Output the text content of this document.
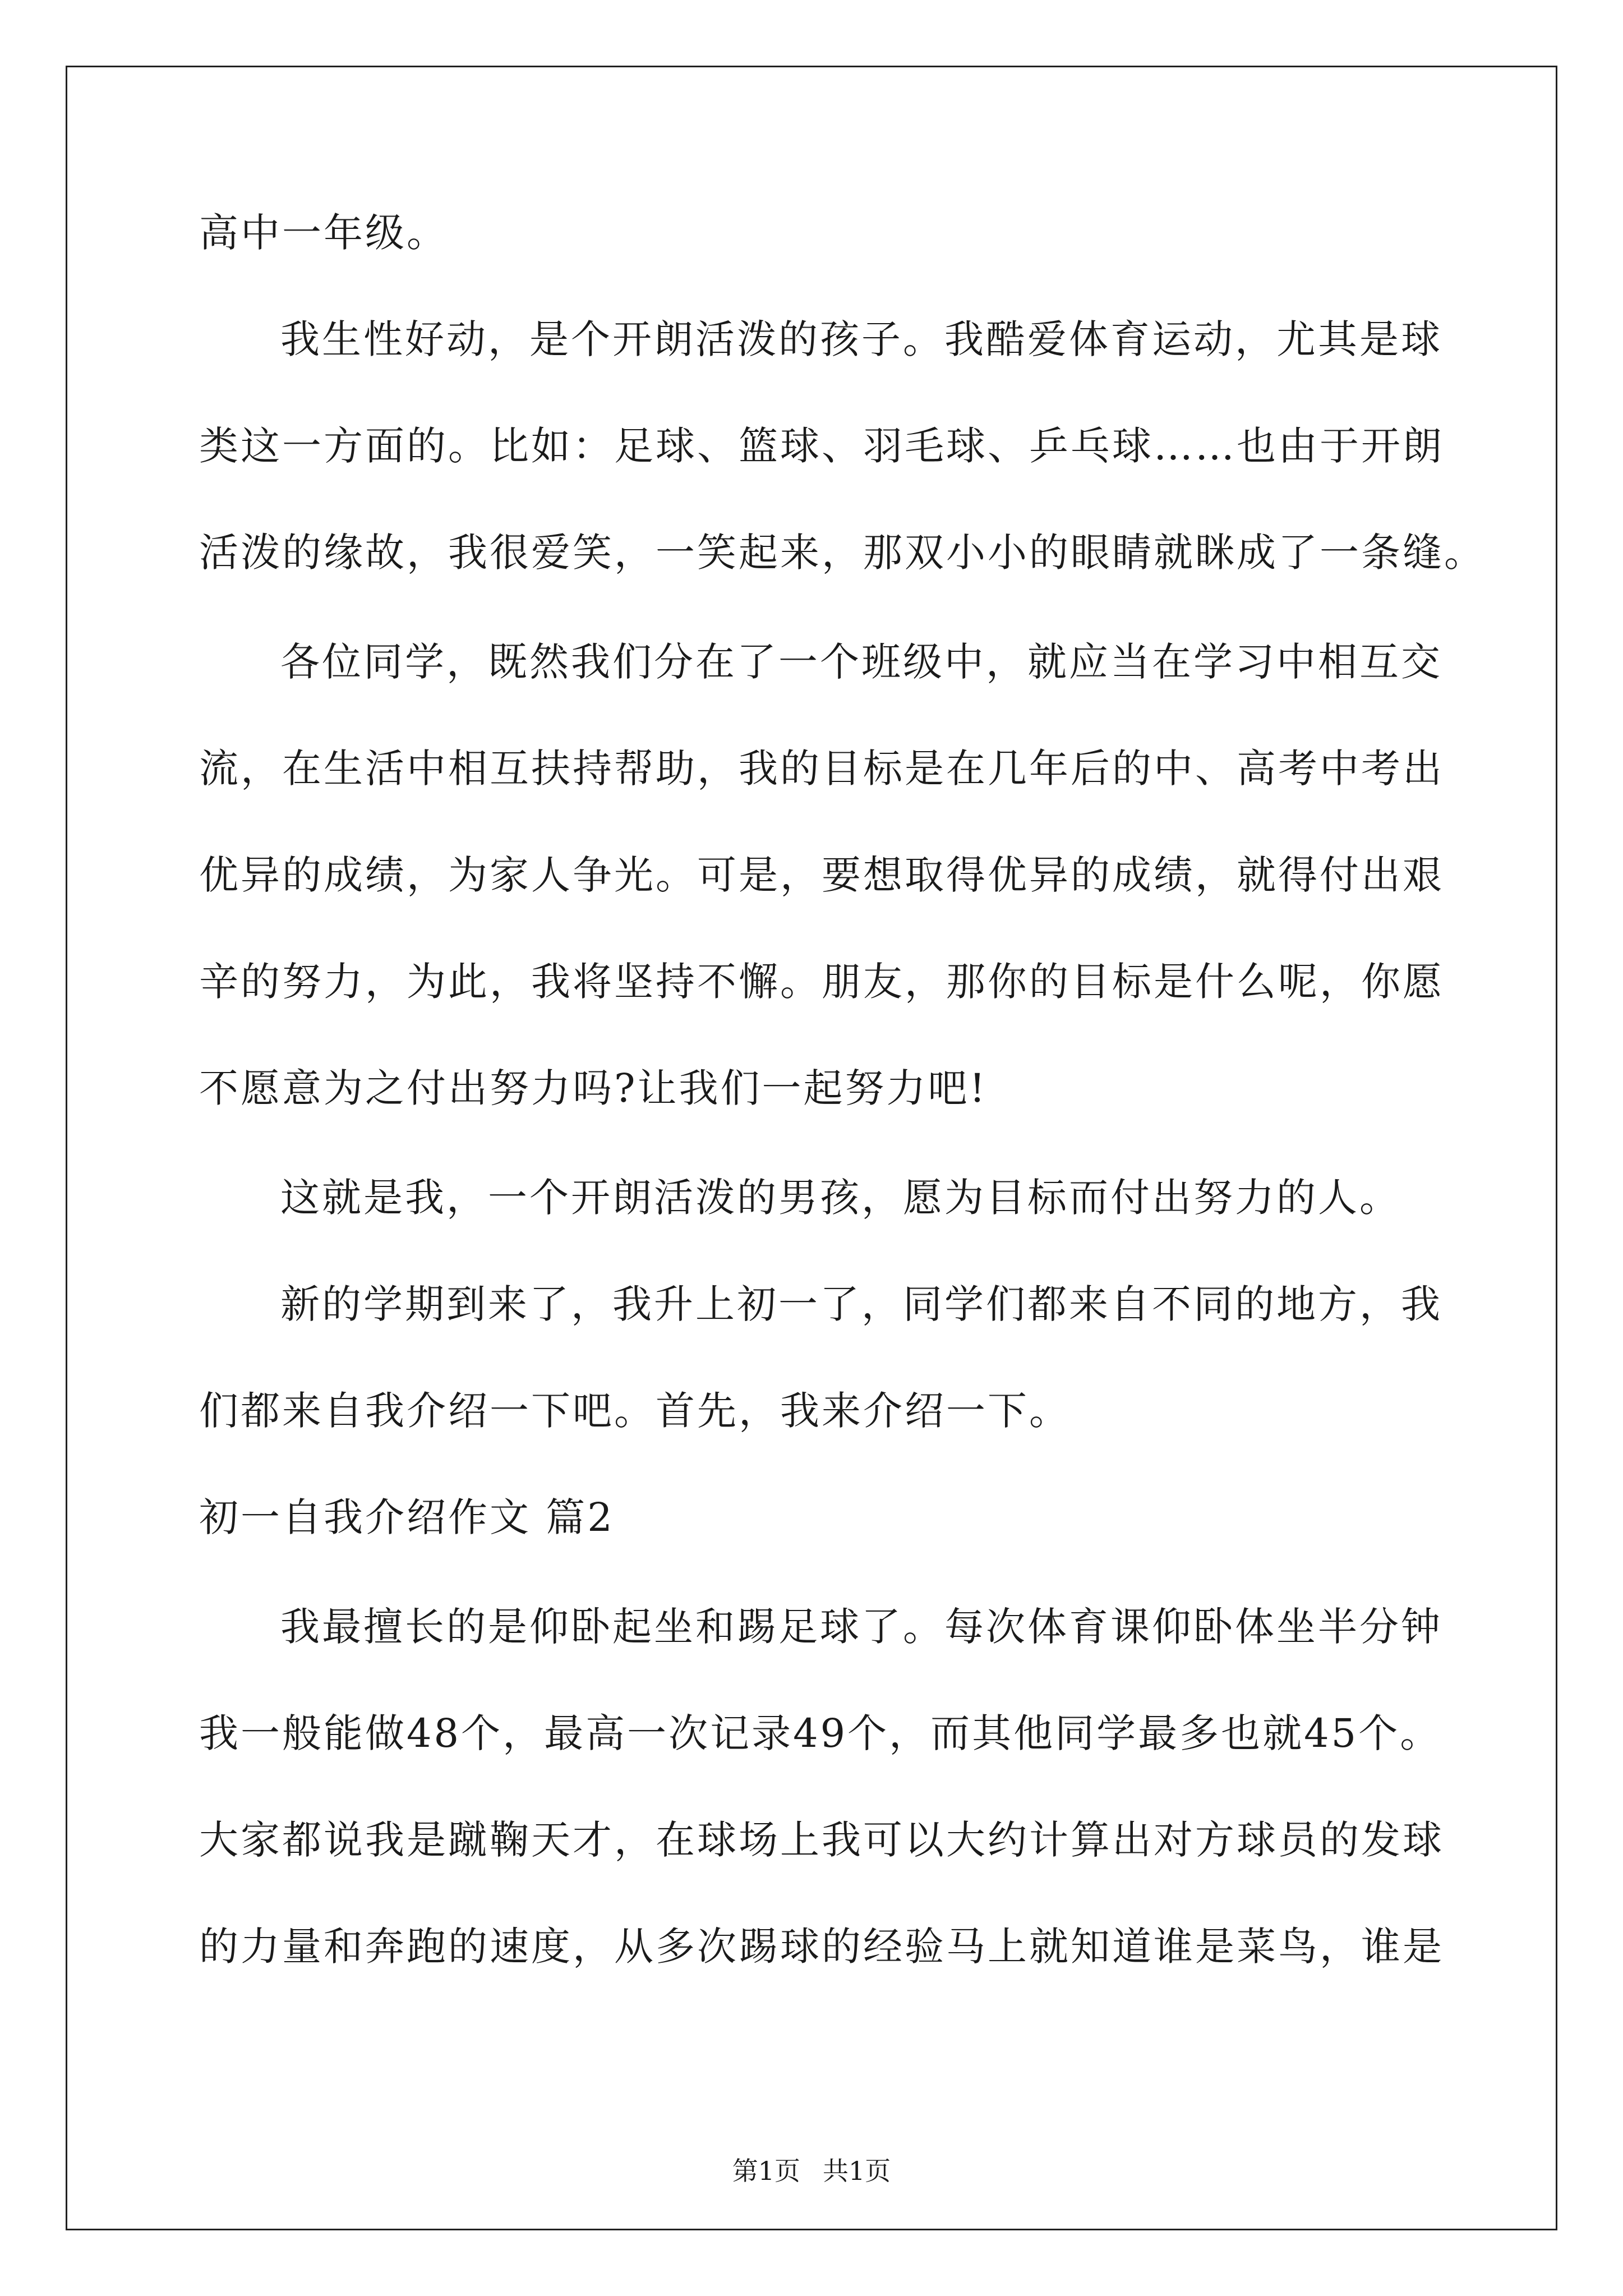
高中一年级。
我生性好动，是个开朗活泼的孩子。我酷爱体育运动，尤其是球
类这一方面的。比如：足球、篮球、羽毛球、乒乓球……也由于开朗
活泼的缘故，我很爱笑，一笑起来，那双小小的眼睛就眯成了一条缝。
各位同学，既然我们分在了一个班级中，就应当在学习中相互交
流，在生活中相互扶持帮助，我的目标是在几年后的中、高考中考出
优异的成绩，为家人争光。可是，要想取得优异的成绩，就得付出艰
辛的努力，为此，我将坚持不懈。朋友，那你的目标是什么呢，你愿
不愿意为之付出努力吗?让我们一起努力吧!
这就是我，一个开朗活泼的男孩，愿为目标而付出努力的人。
新的学期到来了，我升上初一了，同学们都来自不同的地方，我
们都来自我介绍一下吧。首先，我来介绍一下。
初一自我介绍作文 篇2
我最擅长的是仰卧起坐和踢足球了。每次体育课仰卧体坐半分钟
我一般能做48个，最高一次记录49个，而其他同学最多也就45个。
大家都说我是蹴鞠天才，在球场上我可以大约计算出对方球员的发球
的力量和奔跑的速度，从多次踢球的经验马上就知道谁是菜鸟，谁是
第1页 共1页
